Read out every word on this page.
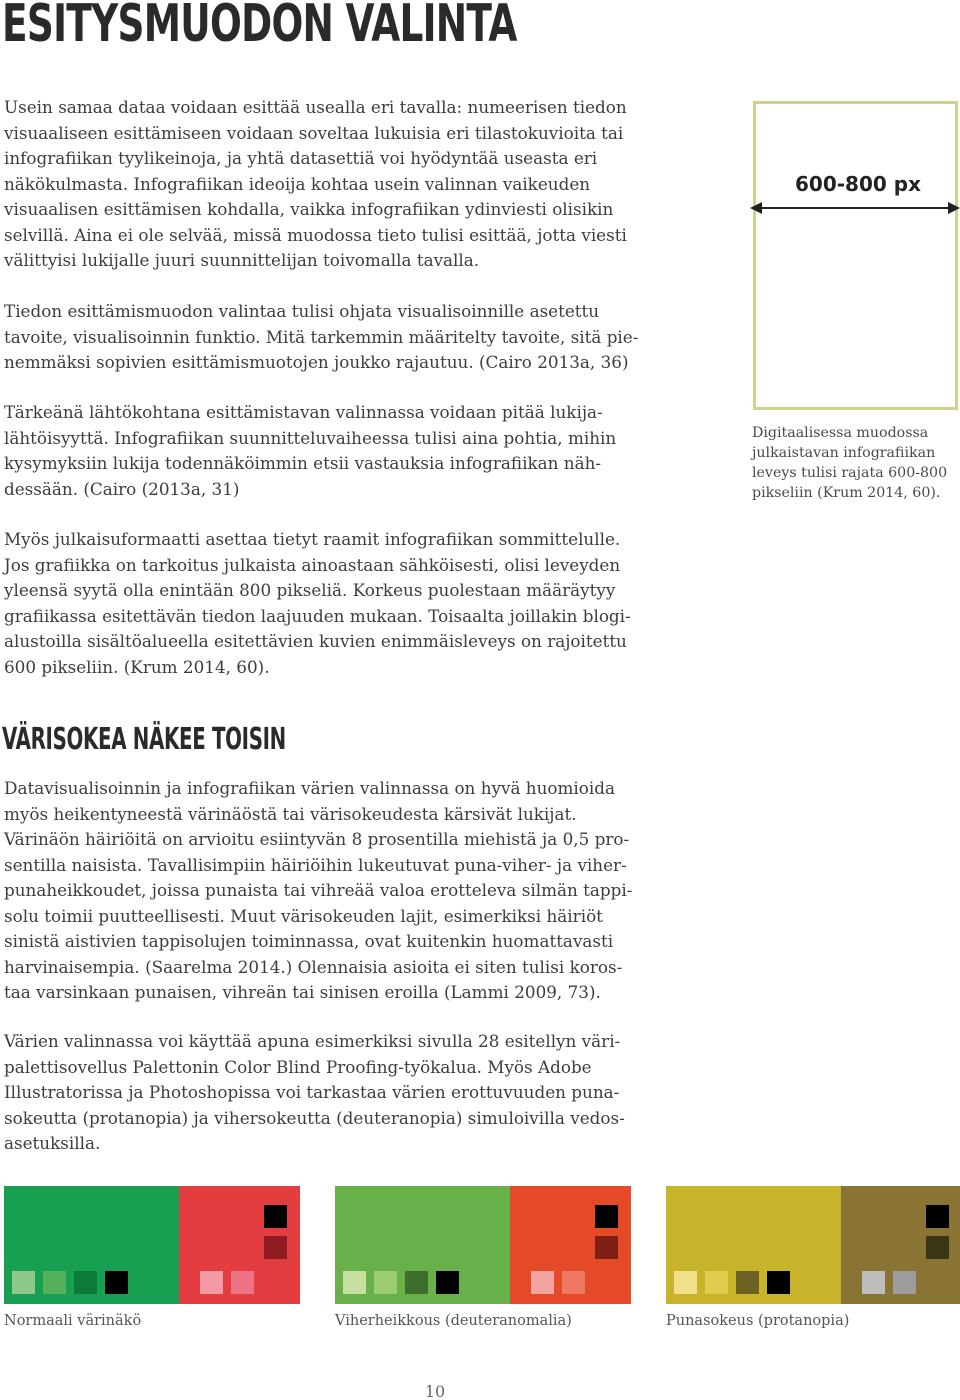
ESITYSMUODON VALINTA
Usein samaa dataa voidaan esittää usealla eri tavalla: numeerisen tiedon
visuaaliseen esittämiseen voidaan soveltaa lukuisia eri tilastokuvioita tai
infografiikan tyylikeinoja, ja yhtä datasettiä voi hyödyntää useasta eri
näkökulmasta. Infografiikan ideoija kohtaa usein valinnan vaikeuden
visuaalisen esittämisen kohdalla, vaikka infografiikan ydinviesti olisikin
selvillä. Aina ei ole selvää, missä muodossa tieto tulisi esittää, jotta viesti
välittyisi lukijalle juuri suunnittelijan toivomalla tavalla.
Tiedon esittämismuodon valintaa tulisi ohjata visualisoinnille asetettu
tavoite, visualisoinnin funktio. Mitä tarkemmin määritelty tavoite, sitä pie-
nemmäksi sopivien esittämismuotojen joukko rajautuu. (Cairo 2013a, 36)
Tärkeänä lähtökohtana esittämistavan valinnassa voidaan pitää lukija-
lähtöisyyttä. Infografiikan suunnitteluvaiheessa tulisi aina pohtia, mihin
kysymyksiin lukija todennäköimmin etsii vastauksia infografiikan näh-
dessään. (Cairo (2013a, 31)
Myös julkaisuformaatti asettaa tietyt raamit infografiikan sommittelulle.
Jos grafiikka on tarkoitus julkaista ainoastaan sähköisesti, olisi leveyden
yleensä syytä olla enintään 800 pikseliä. Korkeus puolestaan määräytyy
grafiikassa esitettävän tiedon laajuuden mukaan. Toisaalta joillakin blogi-
alustoilla sisältöalueella esitettävien kuvien enimmäisleveys on rajoitettu
600 pikseliin. (Krum 2014, 60).
600-800 px
Digitaalisessa muodossa
julkaistavan infografiikan
leveys tulisi rajata 600-800
pikseliin (Krum 2014, 60).
VÄRISOKEA NÄKEE TOISIN
Datavisualisoinnin ja infografiikan värien valinnassa on hyvä huomioida
myös heikentyneestä värinäöstä tai värisokeudesta kärsivät lukijat.
Värinäön häiriöitä on arvioitu esiintyvän 8 prosentilla miehistä ja 0,5 pro-
sentilla naisista. Tavallisimpiin häiriöihin lukeutuvat puna-viher- ja viher-
punaheikkoudet, joissa punaista tai vihreää valoa erotteleva silmän tappi-
solu toimii puutteellisesti. Muut värisokeuden lajit, esimerkiksi häiriöt
sinistä aistivien tappisolujen toiminnassa, ovat kuitenkin huomattavasti
harvinaisempia. (Saarelma 2014.) Olennaisia asioita ei siten tulisi koros-
taa varsinkaan punaisen, vihreän tai sinisen eroilla (Lammi 2009, 73).
Värien valinnassa voi käyttää apuna esimerkiksi sivulla 28 esitellyn väri-
palettisovellus Palettonin Color Blind Proofing-työkalua. Myös Adobe
Illustratorissa ja Photoshopissa voi tarkastaa värien erottuvuuden puna-
sokeutta (protanopia) ja vihersokeutta (deuteranopia) simuloivilla vedos-
asetuksilla.
Normaali värinäkö	Viherheikkous (deuteranomalia)	Punasokeus (protanopia)
10
